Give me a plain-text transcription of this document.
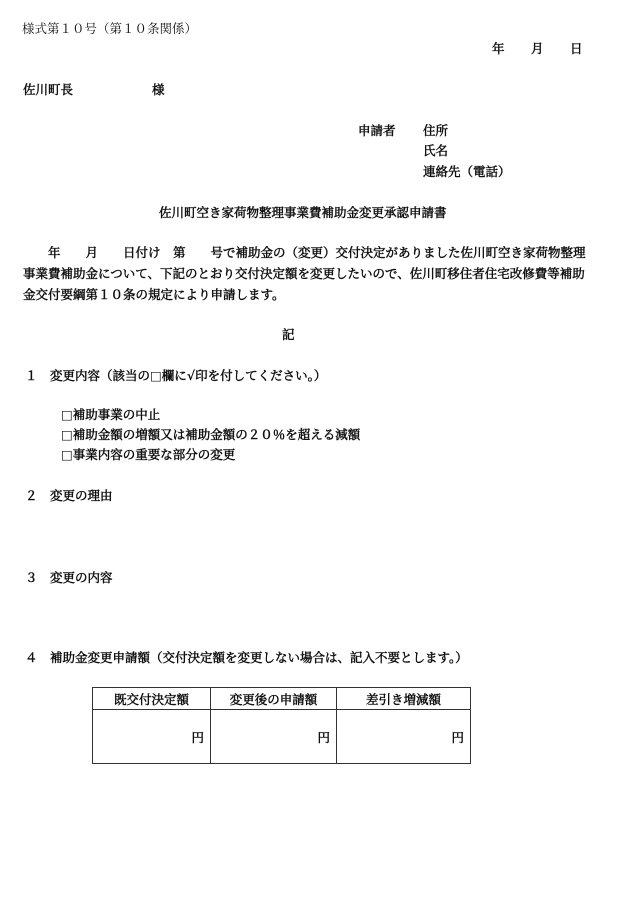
様式第１０号（第１０条関係）
年 月 日
佐川町長	様
申請者 住所
氏名
連絡先（電話）
佐川町空き家荷物整理事業費補助金変更承認申請書
年　　月　　日付け　第　　号で補助金の（変更）交付決定がありました佐川町空き家荷物整理事業費補助金について、下記のとおり交付決定額を変更したいので、佐川町移住者住宅改修費等補助金交付要綱第１０条の規定により申請します。
記
１　変更内容（該当の□欄に√印を付してください。）
□補助事業の中止
□補助金額の増額又は補助金額の２０％を超える減額
□事業内容の重要な部分の変更
２　変更の理由
３　変更の内容
４　補助金変更申請額（交付決定額を変更しない場合は、記入不要とします。）
既交付決定額	変更後の申請額	差引き増減額
円	円	円
